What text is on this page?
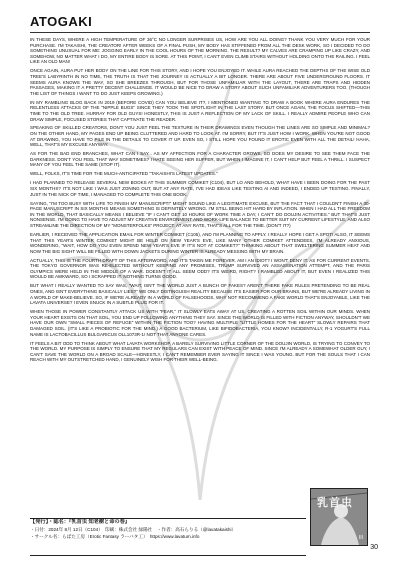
ATOGAKI

IN THESE DAYS, WHERE A HIGH TEMPERATURE OF 36°C NO LONGER SURPRISES US, HOW ARE YOU ALL DOING? THANK YOU VERY MUCH FOR YOUR PURCHASE. I'M TAKAISHI, THE CREATOR! AFTER WEEKS OF A FINAL PUSH, MY BODY HAS STIFFENED FROM ALL THE DESK WORK, SO I DECIDED TO DO SOMETHING UNUSUAL FOR ME: JOGGING EARLY IN THE COOL HOURS OF THE MORNING. THE RESULT? MY CALVES ARE CRAMPING UP LIKE CRAZY, AND SOMEHOW, NO MATTER WHAT I DO, MY ENTIRE BODY IS SORE. AT THIS POINT, I CAN'T EVEN CLIMB STAIRS WITHOUT HOLDING ONTO THE RAILING. I FEEL LIKE AN OLD MAN!

ONCE AGAIN, AURA PUT HER BODY ON THE LINE FOR THIS STORY, AND I HOPE YOU ENJOYED IT. WHILE AURA REACHED THE DEPTHS OF THE WISE OLD TREE'S LABYRINTH IN NO TIME, THE TRUTH IS THAT THE JOURNEY IS ACTUALLY A BIT LONGER. THERE ARE ABOUT FIVE UNDERGROUND FLOORS. IT SEEMS AURA KNOWS THE WAY, SO SHE BREEZES THROUGH, BUT FOR THOSE UNFAMILIAR WITH THE LAYOUT, THERE ARE TRAPS AND HIDDEN PASSAGES, MAKING IT A PRETTY DECENT CHALLENGE. IT WOULD BE NICE TO DRAW A STORY ABOUT SUCH UNFAMILIAR ADVENTURERS TOO. (THOUGH THE LIST OF THINGS I WANT TO DO JUST KEEPS GROWING.)

IN MY RAMBLING BLOG BACK IN 2019 (BEFORE COVID) CAN YOU BELIEVE IT?, I MENTIONED WANTING TO DRAW A BOOK WHERE AURA ENDURES THE RELENTLESS ATTACKS OF THE "NIPPLE BUGS" SINCE THEY TOOK THE SPOTLIGHT IN THE LAST STORY. BUT ONCE AGAIN, THE FOCUS SHIFTED—THIS TIME TO THE OLD TREE. HURRAY FOR OLD GUYS! HONESTLY, THIS IS JUST A REFLECTION OF MY LACK OF SKILL. I REALLY ADMIRE PEOPLE WHO CAN DRAW SIMPLE, FOCUSED STORIES THAT CAPTIVATE THE READER.

SPEAKING OF SKILLED CREATORS, DON'T YOU JUST FEEL THE TEXTURE IN THEIR DRAWINGS EVEN THOUGH THE LINES ARE SO SIMPLE AND MINIMAL? ON THE OTHER HAND, MY PAGES END UP BEING CLUTTERED AND HARD TO LOOK AT. I'M SORRY, BUT IT'S JUST HOW I WORK. WHEN YOU'RE NOT GOOD AT DRAWING, YOU HAVE TO PILE IN THE DETAILS TO COVER IT UP. EVEN SO, I STILL HOPE YOU FOUND IT EROTIC EVEN WITH ALL THE DETAIL! HAHA, WELL, THAT'S MY EXCUSE ANYWAY.

AS FOR THE BAD END BRANCHES, WHAT CAN I SAY... AS MY AFFECTION FOR A CHARACTER GROWS, SO DOES MY DESIRE TO SEE THEM FACE THE DARKNESS. DON'T YOU FEEL THAT WAY SOMETIMES? I HATE SEEING HER SUFFER, BUT WHEN I IMAGINE IT, I CAN'T HELP BUT FEEL A THRILL. I SUSPECT MANY OF YOU FEEL THE SAME (STOP IT).

WELL, FOLKS, IT'S TIME FOR THE MUCH-ANTICIPATED "TAKAISHI'S LATEST UPDATES."

I HAD PLANNED TO RELEASE SEVERAL NEW BOOKS AT THIS SUMMER COMIKET (C104), BUT LO AND BEHOLD, WHAT HAVE I BEEN DOING FOR THE PAST SIX MONTHS? IT'S NOT LIKE I WAS JUST ZONING OUT, BUT AT ANY RATE, I'VE HAD IDEAS LIKE TESTING AI AND INDEED, I ENDED UP TESTING. FINALLY, JUST IN THE NICK OF TIME, I MANAGED TO COMPLETE THIS ONE BOOK.

SAYING, "I'M TOO BUSY WITH LIFE TO FINISH MY MANUSCRIPT!" MIGHT SOUND LIKE A LEGITIMATE EXCUSE, BUT THE FACT THAT I COULDN'T FINISH A 30-PAGE MANUSCRIPT IN SIX MONTHS MEANS SOMETHING IS DEFINITELY WRONG. I'M STILL BEING HIT HARD BY INFLATION. WHEN I HAD ALL THE FREEDOM IN THE WORLD, THAT BASICALLY MEANS I BELIEVE "IF I CAN'T GET 10 HOURS OF WORK TIME A DAY, I CAN'T DO DOUJIN ACTIVITIES." BUT THAT'S JUST NONSENSE. I'M GOING TO HAVE TO ADJUST MY CREATIVE ENVIRONMENT AND WORK-LIFE BALANCE TO BETTER SUIT MY CURRENT LIFESTYLE, AND ALSO STREAMLINE THE DIRECTION OF MY "MONSTERFOLKS" PROJECT. AT ANY RATE, THAT'S ALL FOR THE TIME. (DON'T IT?)

EARLIER, I RECEIVED THE APPLICATION EMAIL FOR WINTER COMIKET (C105), AND I'M PLANNING TO APPLY. I REALLY HOPE I GET A SPOT! ALSO, IT SEEMS THAT THIS YEAR'S WINTER COMIKET MIGHT BE HELD ON NEW YEAR'S EVE, LIKE MANY OTHER COMIKET ATTENDEES, I'M ALREADY ANXIOUS, WONDERING, "WAIT, HOW DO YOU EVEN SPEND NEW YEAR'S EVE IF IT'S NOT AT COMIKET?" THINKING ABOUT THAT SWELTERING SUMMER HEAT AND NOW THE BIG SIGHT WILL BE FILLED WITH DOWN JACKETS DURING WINTER IS ALREADY MESSING WITH MY BRAIN.

ACTUALLY, THIS IS THE FOURTH DRAFT OF THIS AFTERWORD, AND IT'S TAKEN ME FOREVER. AM I AN IDIOT? I WON'T DENY IT. AS FOR CURRENT EVENTS, THE TOKYO GOVERNOR WAS RE-ELECTED WITHOUT KEEPING ANY PROMISES, TRUMP SURVIVED AN ASSASSINATION ATTEMPT, AND THE PARIS OLYMPICS WERE HELD IN THE MIDDLE OF A WAR. DOESN'T IT ALL SEEM ODD? IT'S WEIRD, RIGHT? I RAMBLED ABOUT IT, BUT EVEN I REALIZED THIS WOULD BE AWKWARD, SO I SCRAPPED IT. NOTHING TURNS GOOD.

BUT WHAT I REALLY WANTED TO SAY WAS, "WAIT, ISN'T THE WORLD JUST A BUNCH OF FAKES? AREN'T THERE FAKE RULES PRETENDING TO BE REAL ONES, AND ISN'T EVERYTHING BASICALLY LIES?" WE ONLY DISTINGUISH REALITY BECAUSE IT'S EASIER FOR OUR BRAINS, BUT WE'RE ALREADY LIVING IN A WORLD OF MAKE-BELIEVE. SO, IF WE'RE ALREADY IN A WORLD OF FALSEHOODS, WHY NOT RECOMMEND A FAKE WORLD THAT'S ENJOYABLE, LIKE THE LAVATA UNIVERSE? I EVEN SNUCK IN A SUBTLE PLUG FOR IT.

WHEN THOSE IN POWER CONSTANTLY ATTACK US WITH "FEAR," IT SLOWLY EATS AWAY AT US, CREATING A ROTTEN SOIL WITHIN OUR MINDS. WHEN YOUR HEART EXISTS ON THAT SOIL, YOU END UP FOLLOWING ANYTHING THEY SAY. SINCE THE WORLD IS FILLED WITH FICTION ANYWAY, SHOULDN'T WE HAVE OUR OWN "SMALL PIECES OF REFUGE" WITHIN THE FICTION TOO? HAVING MULTIPLE "LITTLE HOMES FOR THE HEART" SLOWLY REPAIRS THAT DAMAGED SOIL. (IT'S LIKE A PROBIOTIC FOR THE MIND.) A GOOD BACTERIUM, LIKE BIFIDOBACTERIA, YOU KNOW? INCIDENTALLY, R-1 YOGURT'S FULL NAME IS LACTOBACILLUS BULGARICUS OLL1073R-1! NOT THAT ANYONE CARES.

IT FEELS A BIT ODD TO THINK ABOUT WHAT LAVATA WORKSHOP, A BARELY SURVIVING LITTLE CORNER OF THE DOUJIN WORLD, IS TRYING TO CONVEY TO THE WORLD. MY PURPOSE IS SIMPLY TO ENSURE THAT MY REGULARS CAN EXIST WITH PEACE OF MIND. SINCE I'M ALREADY A SOMEWHAT OLDER GUY, I CAN'T SAVE THE WORLD ON A BROAD SCALE—HONESTLY, I CAN'T REMEMBER EVER SAYING IT SINCE I WAS YOUNG. BUT FOR THE SOULS THAT I CAN REACH WITH MY OUTSTRETCHED HAND, I GENUINELY WISH FOR THEIR WELL-BEING.

【発行】・誌名：『乳首虫 知老樹と命の巻』
・日付：2024年 8月 12日（C104）　印刷：株式会社 緑陽社　・作者：高石らりる（@lavatakaishi）
・サークル名：らばた工房（Erotic Fantasy ラーバタ工）　https://www.lavatum.info
乳首虫
III
30
